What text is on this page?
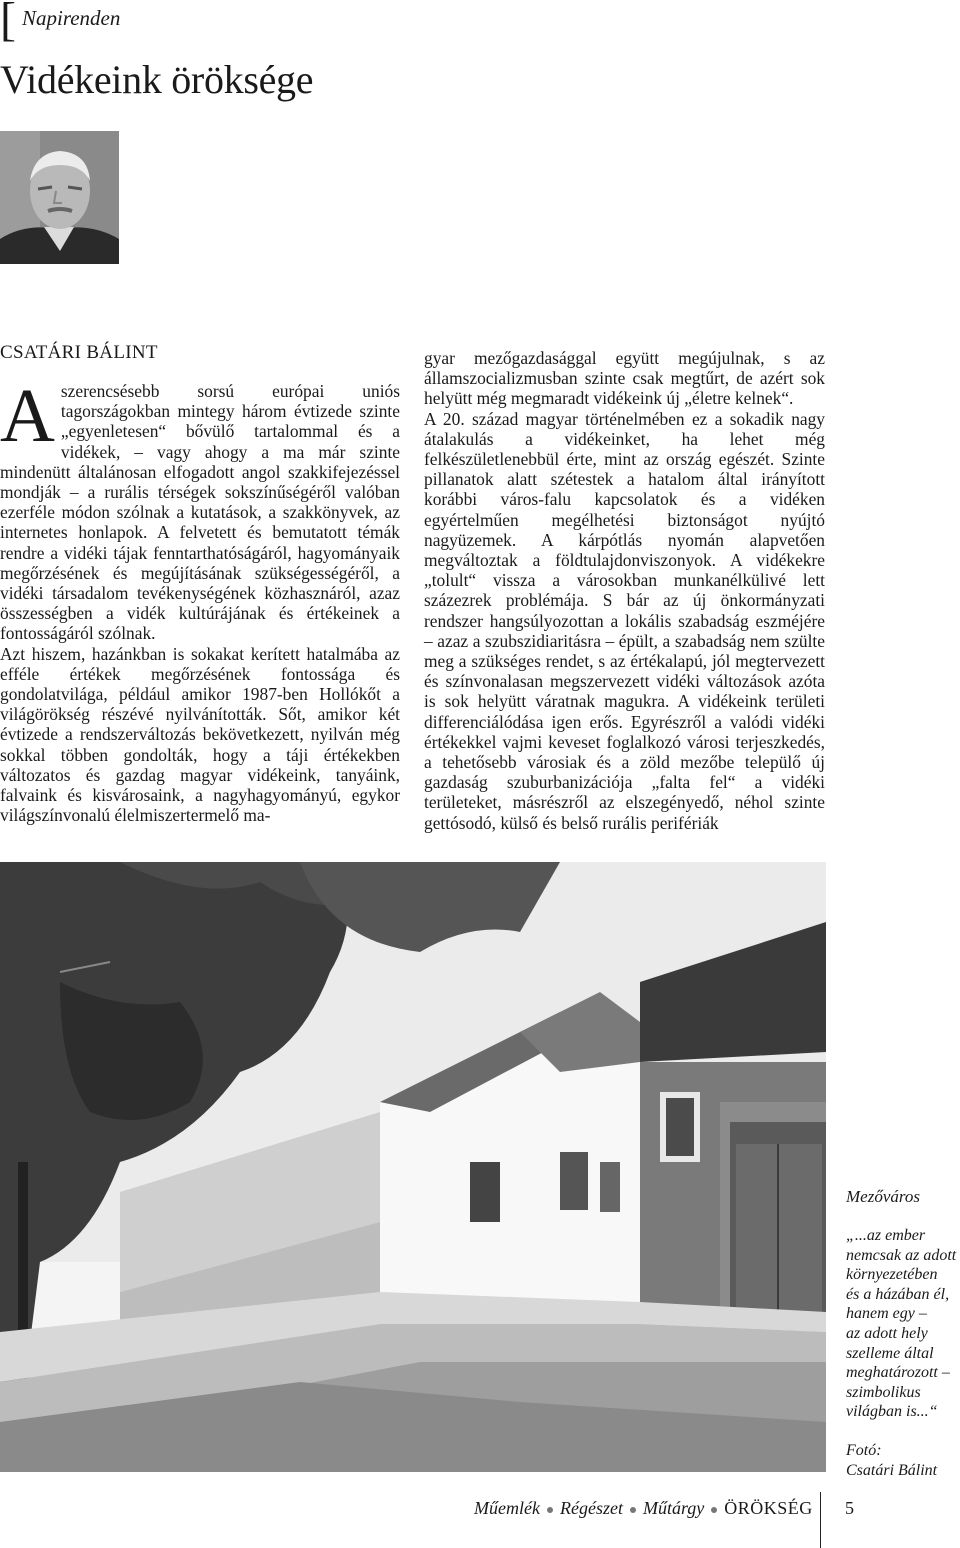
[ Napirenden
Vidékeink öröksége
CSATÁRI BÁLINT

Aszerencsésebb sorsú európai uniós tagországokban mintegy három évtizede szinte „egyenletesen“ bővülő tartalommal és a vidékek, – vagy ahogy a ma már szinte mindenütt általánosan elfogadott angol szakkifejezéssel mondják – a rurális térségek sokszínűségéről valóban ezerféle módon szólnak a kutatások, a szakkönyvek, az internetes honlapok. A felvetett és bemutatott témák rendre a vidéki tájak fenntarthatóságáról, hagyományaik megőrzésének és megújításának szükségességéről, a vidéki társadalom tevékenységének közhasznáról, azaz összességben a vidék kultúrájának és értékeinek a fontosságáról szólnak.

Azt hiszem, hazánkban is sokakat kerített hatalmába az efféle értékek megőrzésének fontossága és gondolatvilága, például amikor 1987-ben Hollókőt a világörökség részévé nyilvánították. Sőt, amikor két évtizede a rendszerváltozás bekövetkezett, nyilván még sokkal többen gondolták, hogy a táji értékekben változatos és gazdag magyar vidékeink, tanyáink, falvaink és kisvárosaink, a nagyhagyományú, egykor világszínvonalú élelmiszertermelő ma-

gyar mezőgazdasággal együtt megújulnak, s az államszocializmusban szinte csak megtűrt, de azért sok helyütt még megmaradt vidékeink új „életre kelnek“.

A 20. század magyar történelmében ez a sokadik nagy átalakulás a vidékeinket, ha lehet még felkészületlenebbül érte, mint az ország egészét. Szinte pillanatok alatt szétestek a hatalom által irányított korábbi város-falu kapcsolatok és a vidéken egyértelműen megélhetési biztonságot nyújtó nagyüzemek. A kárpótlás nyomán alapvetően megváltoztak a földtulajdonviszonyok. A vidékekre „tolult“ vissza a városokban munkanélkülivé lett százezrek problémája. S bár az új önkormányzati rendszer hangsúlyozottan a lokális szabadság eszméjére – azaz a szubszidiaritásra – épült, a szabadság nem szülte meg a szükséges rendet, s az értékalapú, jól megtervezett és színvonalasan megszervezett vidéki változások azóta is sok helyütt váratnak magukra. A vidékeink területi differenciálódása igen erős. Egyrészről a valódi vidéki értékekkel vajmi keveset foglalkozó városi terjeszkedés, a tehetősebb városiak és a zöld mezőbe települő új gazdaság szuburbanizációja „falta fel“ a vidéki területeket, másrészről az elszegényedő, néhol szinte gettósodó, külső és belső rurális perifériák

Mezőváros

„...az ember

nemcsak az adott

környezetében

és a házában él,

hanem egy –

az adott hely

szelleme által

meghatározott –

szimbolikus

világban is...“

Fotó:
Csatári Bálint
Műemlék Régészet Műtárgy ÖRÖKSÉG 5
